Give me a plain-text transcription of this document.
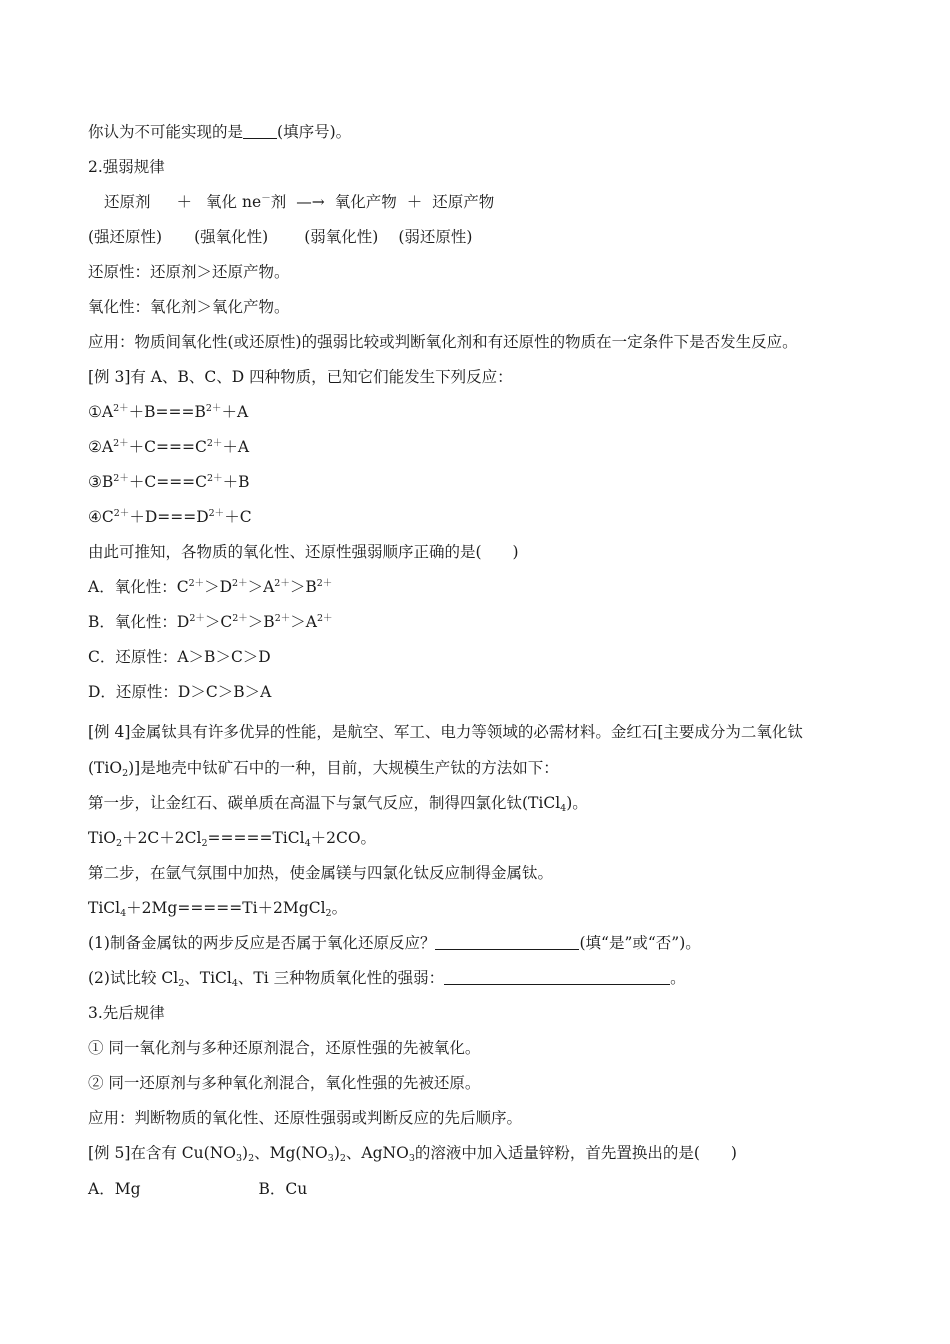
你认为不可能实现的是 (填序号)。
2.强弱规律
还原剂 ＋ 氧化 ne－剂 —→ 氧化产物 ＋ 还原产物
(强还原性) (强氧化性) (弱氧化性) (弱还原性)
还原性：还原剂＞还原产物。
氧化性：氧化剂＞氧化产物。
应用：物质间氧化性(或还原性)的强弱比较或判断氧化剂和有还原性的物质在一定条件下是否发生反应。
[例 3]有 A、B、C、D 四种物质，已知它们能发生下列反应：
$①A^{2+}+B===B^{2+}+A$
$②A^{2+}+C===C^{2+}+A$
$③B^{2+}+C===C^{2+}+B$
$④C^{2+}+D===D^{2+}+C$
由此可推知，各物质的氧化性、还原性强弱顺序正确的是(　　)
A．氧化性：$C^{2+}>D^{2+}>A^{2+}>B^{2+}$
B．氧化性：$D^{2+}>C^{2+}>B^{2+}>A^{2+}$
C．还原性：A＞B＞C＞D
D．还原性：D＞C＞B＞A
[例 4]金属钛具有许多优异的性能，是航空、军工、电力等领域的必需材料。金红石[主要成分为二氧化钛
(TiO$_2$)]是地壳中钛矿石中的一种，目前，大规模生产钛的方法如下：
第一步，让金红石、碳单质在高温下与氯气反应，制得四氯化钛(TiCl$_4$)。
$TiO_2+2C+2Cl_2=====TiCl_4+2CO$。
第二步，在氩气氛围中加热，使金属镁与四氯化钛反应制得金属钛。
TiCl$_4$＋2Mg=====Ti＋2MgCl$_2$。
(1)制备金属钛的两步反应是否属于氧化还原反应？	(填“是”或“否”)。
(2)试比较 $Cl_2$、TiCl$_4$、Ti 三种物质氧化性的强弱：	。
3.先后规律
① 同一氧化剂与多种还原剂混合，还原性强的先被氧化。
② 同一还原剂与多种氧化剂混合，氧化性强的先被还原。
应用：判断物质的氧化性、还原性强弱或判断反应的先后顺序。
[例 5]在含有 $Cu(NO_3)_2$、$Mg(NO_3)_2$、AgNO$_3$的溶液中加入适量锌粉，首先置换出的是(　　)
A．Mg	B．Cu
